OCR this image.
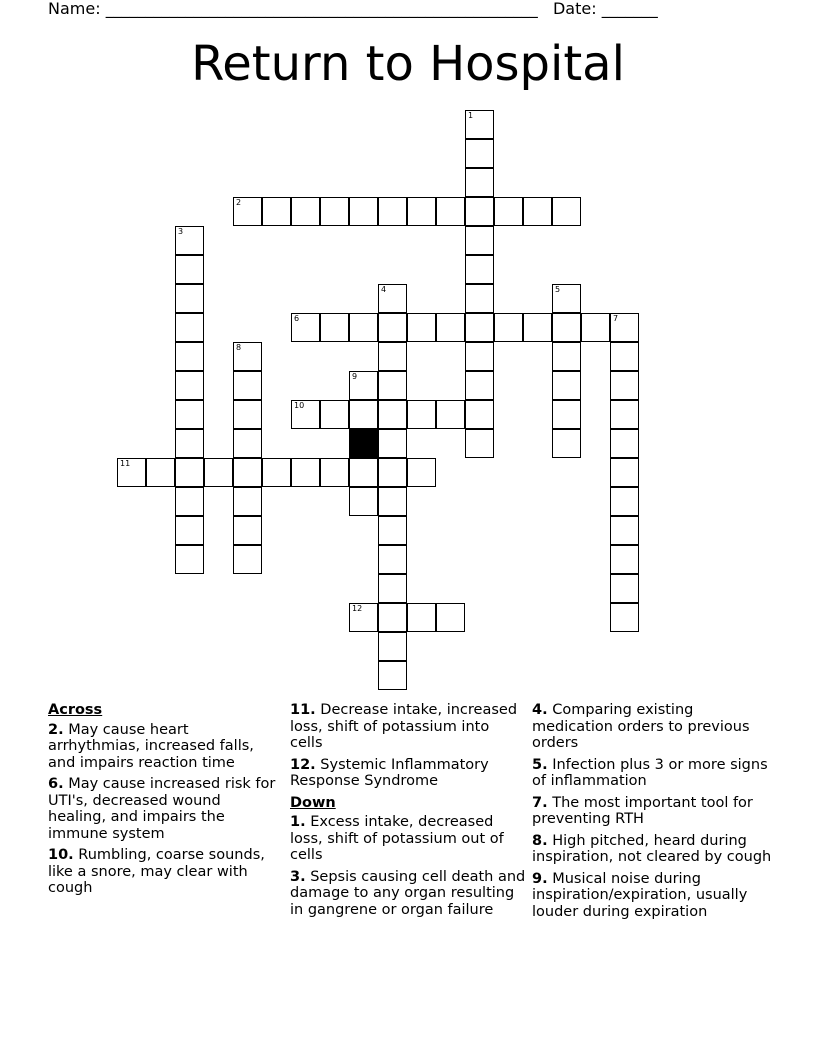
Name: ______________________________________________________ Date: _______
Return to Hospital
1
2
3
4	5
6	7
8
9
10
11
12
Across
2. May cause heart arrhythmias, increased falls, and impairs reaction time
6. May cause increased risk for UTI's, decreased wound healing, and impairs the immune system
10. Rumbling, coarse sounds, like a snore, may clear with cough
11. Decrease intake, increased loss, shift of potassium into cells
12. Systemic Inflammatory Response Syndrome
Down
1. Excess intake, decreased loss, shift of potassium out of cells
3. Sepsis causing cell death and damage to any organ resulting in gangrene or organ failure
4. Comparing existing medication orders to previous orders
5. Infection plus 3 or more signs of inflammation
7. The most important tool for preventing RTH
8. High pitched, heard during inspiration, not cleared by cough
9. Musical noise during inspiration/expiration, usually louder during expiration
